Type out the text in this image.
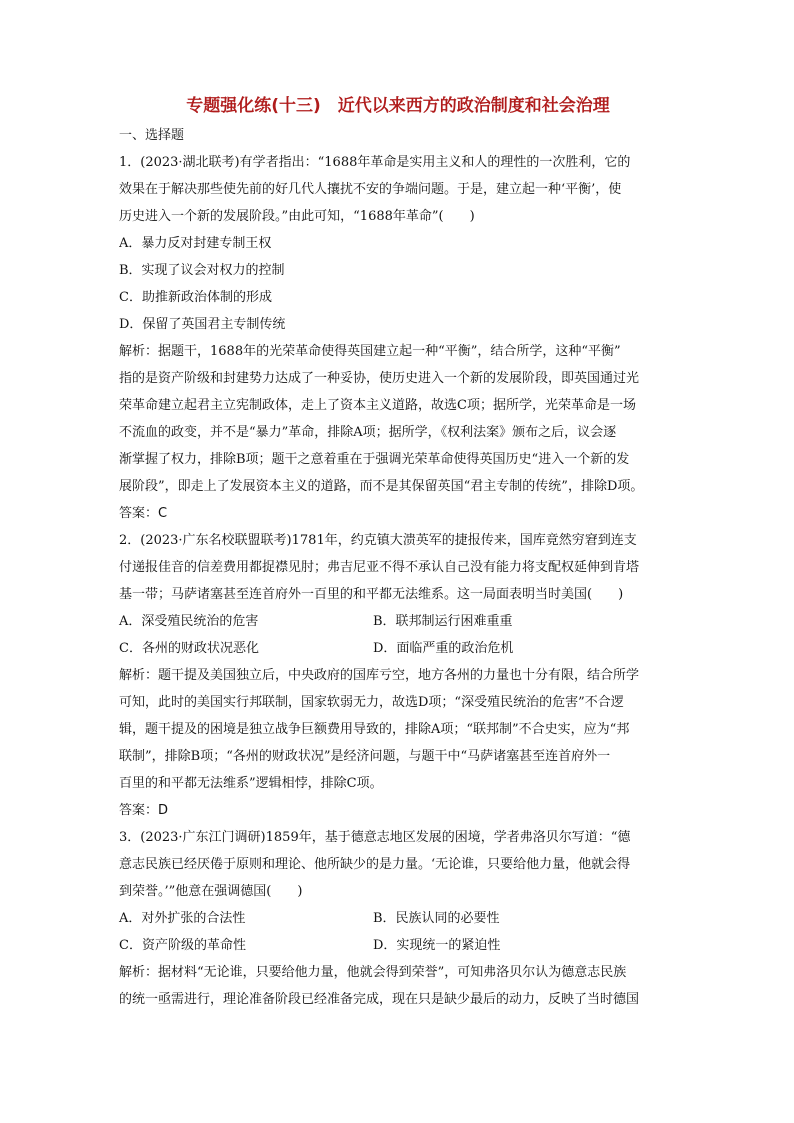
专题强化练(十三)　近代以来西方的政治制度和社会治理
一、选择题
1．(2023·湖北联考)有学者指出：“1688年革命是实用主义和人的理性的一次胜利，它的
效果在于解决那些使先前的好几代人攘扰不安的争端问题。于是，建立起一种‘平衡’，使
历史进入一个新的发展阶段。”由此可知，“1688年革命”(　　)
A．暴力反对封建专制王权
B．实现了议会对权力的控制
C．助推新政治体制的形成
D．保留了英国君主专制传统
解析：据题干，1688年的光荣革命使得英国建立起一种“平衡”，结合所学，这种“平衡”
指的是资产阶级和封建势力达成了一种妥协，使历史进入一个新的发展阶段，即英国通过光
荣革命建立起君主立宪制政体，走上了资本主义道路，故选C项；据所学，光荣革命是一场
不流血的政变，并不是“暴力”革命，排除A项；据所学，《权利法案》颁布之后，议会逐
渐掌握了权力，排除B项；题干之意着重在于强调光荣革命使得英国历史“进入一个新的发
展阶段”，即走上了发展资本主义的道路，而不是其保留英国“君主专制的传统”，排除D项。
答案：C
2．(2023·广东名校联盟联考)1781年，约克镇大溃英军的捷报传来，国库竟然穷窘到连支
付递报佳音的信差费用都捉襟见肘；弗吉尼亚不得不承认自己没有能力将支配权延伸到肯塔
基一带；马萨诸塞甚至连首府外一百里的和平都无法维系。这一局面表明当时美国(　　)
A．深受殖民统治的危害	B．联邦制运行困难重重
C．各州的财政状况恶化	D．面临严重的政治危机
解析：题干提及美国独立后，中央政府的国库亏空，地方各州的力量也十分有限，结合所学
可知，此时的美国实行邦联制，国家软弱无力，故选D项；“深受殖民统治的危害”不合逻
辑，题干提及的困境是独立战争巨额费用导致的，排除A项；“联邦制”不合史实，应为“邦
联制”，排除B项；“各州的财政状况”是经济问题，与题干中“马萨诸塞甚至连首府外一
百里的和平都无法维系”逻辑相悖，排除C项。
答案：D
3．(2023·广东江门调研)1859年，基于德意志地区发展的困境，学者弗洛贝尔写道：“德
意志民族已经厌倦于原则和理论、他所缺少的是力量。‘无论谁，只要给他力量，他就会得
到荣誉。’”他意在强调德国(　　)
A．对外扩张的合法性	B．民族认同的必要性
C．资产阶级的革命性	D．实现统一的紧迫性
解析：据材料“无论谁，只要给他力量，他就会得到荣誉”，可知弗洛贝尔认为德意志民族
的统一亟需进行，理论准备阶段已经准备完成，现在只是缺少最后的动力，反映了当时德国
